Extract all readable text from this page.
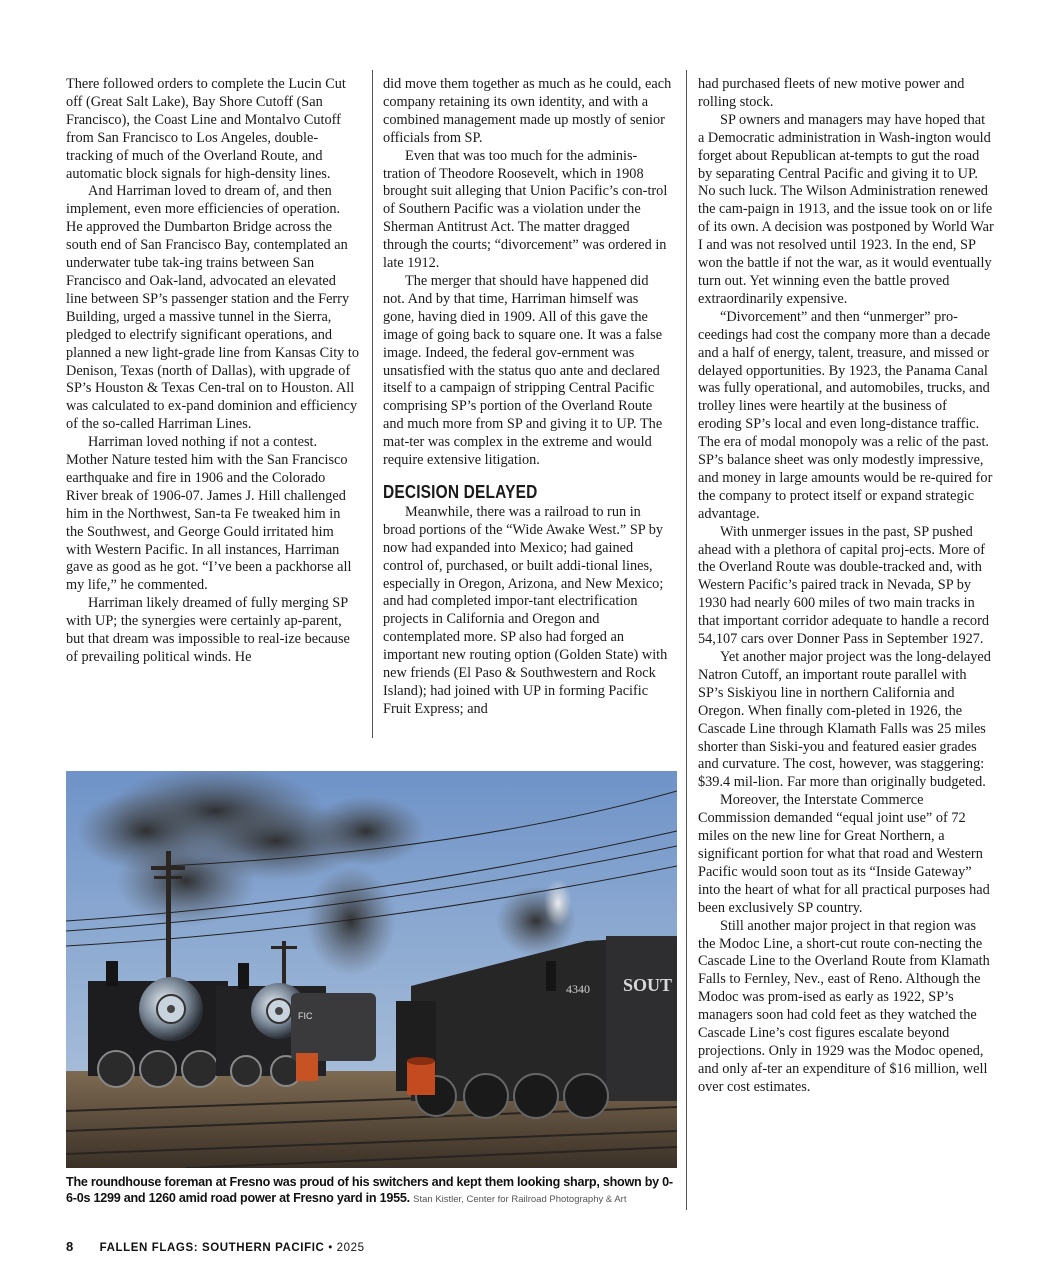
There followed orders to complete the Lucin Cut off (Great Salt Lake), Bay Shore Cutoff (San Francisco), the Coast Line and Montalvo Cutoff from San Francisco to Los Angeles, double-tracking of much of the Overland Route, and automatic block signals for high-density lines.

And Harriman loved to dream of, and then implement, even more efficiencies of operation. He approved the Dumbarton Bridge across the south end of San Francisco Bay, contemplated an underwater tube tak-ing trains between San Francisco and Oak-land, advocated an elevated line between SP’s passenger station and the Ferry Building, urged a massive tunnel in the Sierra, pledged to electrify significant operations, and planned a new light-grade line from Kansas City to Denison, Texas (north of Dallas), with upgrade of SP’s Houston & Texas Cen-tral on to Houston. All was calculated to ex-pand dominion and efficiency of the so-called Harriman Lines.

Harriman loved nothing if not a contest. Mother Nature tested him with the San Francisco earthquake and fire in 1906 and the Colorado River break of 1906-07. James J. Hill challenged him in the Northwest, San-ta Fe tweaked him in the Southwest, and George Gould irritated him with Western Pacific. In all instances, Harriman gave as good as he got. “I’ve been a packhorse all my life,” he commented.

Harriman likely dreamed of fully merging SP with UP; the synergies were certainly ap-parent, but that dream was impossible to real-ize because of prevailing political winds. He

did move them together as much as he could, each company retaining its own identity, and with a combined management made up mostly of senior officials from SP.

Even that was too much for the adminis-tration of Theodore Roosevelt, which in 1908 brought suit alleging that Union Pacific’s con-trol of Southern Pacific was a violation under the Sherman Antitrust Act. The matter dragged through the courts; “divorcement” was ordered in late 1912.

The merger that should have happened did not. And by that time, Harriman himself was gone, having died in 1909. All of this gave the image of going back to square one. It was a false image. Indeed, the federal gov-ernment was unsatisfied with the status quo ante and declared itself to a campaign of stripping Central Pacific comprising SP’s portion of the Overland Route and much more from SP and giving it to UP. The mat-ter was complex in the extreme and would require extensive litigation.

DECISION DELAYED

Meanwhile, there was a railroad to run in broad portions of the “Wide Awake West.” SP by now had expanded into Mexico; had gained control of, purchased, or built addi-tional lines, especially in Oregon, Arizona, and New Mexico; and had completed impor-tant electrification projects in California and Oregon and contemplated more. SP also had forged an important new routing option (Golden State) with new friends (El Paso & Southwestern and Rock Island); had joined with UP in forming Pacific Fruit Express; and

had purchased fleets of new motive power and rolling stock.

SP owners and managers may have hoped that a Democratic administration in Wash-ington would forget about Republican at-tempts to gut the road by separating Central Pacific and giving it to UP. No such luck. The Wilson Administration renewed the cam-paign in 1913, and the issue took on or life of its own. A decision was postponed by World War I and was not resolved until 1923. In the end, SP won the battle if not the war, as it would eventually turn out. Yet winning even the battle proved extraordinarily expensive.

“Divorcement” and then “unmerger” pro-ceedings had cost the company more than a decade and a half of energy, talent, treasure, and missed or delayed opportunities. By 1923, the Panama Canal was fully operational, and automobiles, trucks, and trolley lines were heartily at the business of eroding SP’s local and even long-distance traffic. The era of modal monopoly was a relic of the past. SP’s balance sheet was only modestly impressive, and money in large amounts would be re-quired for the company to protect itself or expand strategic advantage.

With unmerger issues in the past, SP pushed ahead with a plethora of capital proj-ects. More of the Overland Route was double-tracked and, with Western Pacific’s paired track in Nevada, SP by 1930 had nearly 600 miles of two main tracks in that important corridor adequate to handle a record 54,107 cars over Donner Pass in September 1927.

Yet another major project was the long-delayed Natron Cutoff, an important route parallel with SP’s Siskiyou line in northern California and Oregon. When finally com-pleted in 1926, the Cascade Line through Klamath Falls was 25 miles shorter than Siski-you and featured easier grades and curvature. The cost, however, was staggering: $39.4 mil-lion. Far more than originally budgeted.

Moreover, the Interstate Commerce Commission demanded “equal joint use” of 72 miles on the new line for Great Northern, a significant portion for what that road and Western Pacific would soon tout as its “Inside Gateway” into the heart of what for all practical purposes had been exclusively SP country.

Still another major project in that region was the Modoc Line, a short-cut route con-necting the Cascade Line to the Overland Route from Klamath Falls to Fernley, Nev., east of Reno. Although the Modoc was prom-ised as early as 1922, SP’s managers soon had cold feet as they watched the Cascade Line’s cost figures escalate beyond projections. Only in 1929 was the Modoc opened, and only af-ter an expenditure of $16 million, well over cost estimates.

FIC
4340 SOUT
The roundhouse foreman at Fresno was proud of his switchers and kept them looking sharp, shown by 0-6-0s 1299 and 1260 amid road power at Fresno yard in 1955. Stan Kistler, Center for Railroad Photography & Art
8 FALLEN FLAGS: SOUTHERN PACIFIC • 2025
